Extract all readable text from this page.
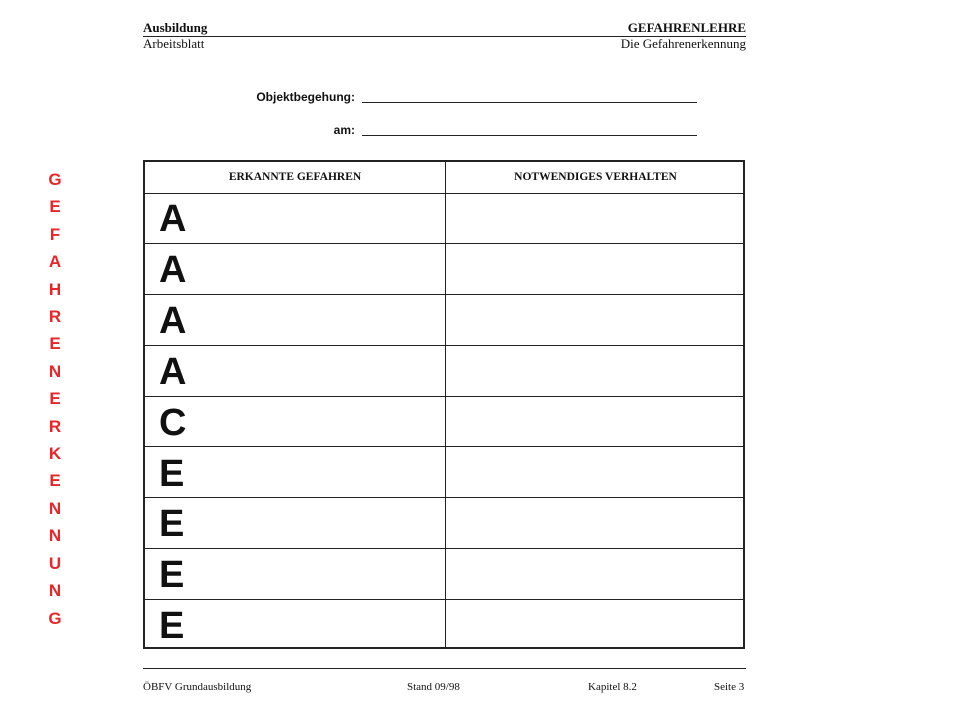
Ausbildung
Arbeitsblatt
GEFAHRENLEHRE
Die Gefahrenerkennung
Objektbegehung:
am:
G
E
F
A
H
R
E
N
E
R
K
E
N
N
U
N
G
ERKANNTE GEFAHREN	NOTWENDIGES VERHALTEN
A
A
A
A
C
E
E
E
E
ÖBFV Grundausbildung	Stand 09/98	Kapitel 8.2	Seite 3
